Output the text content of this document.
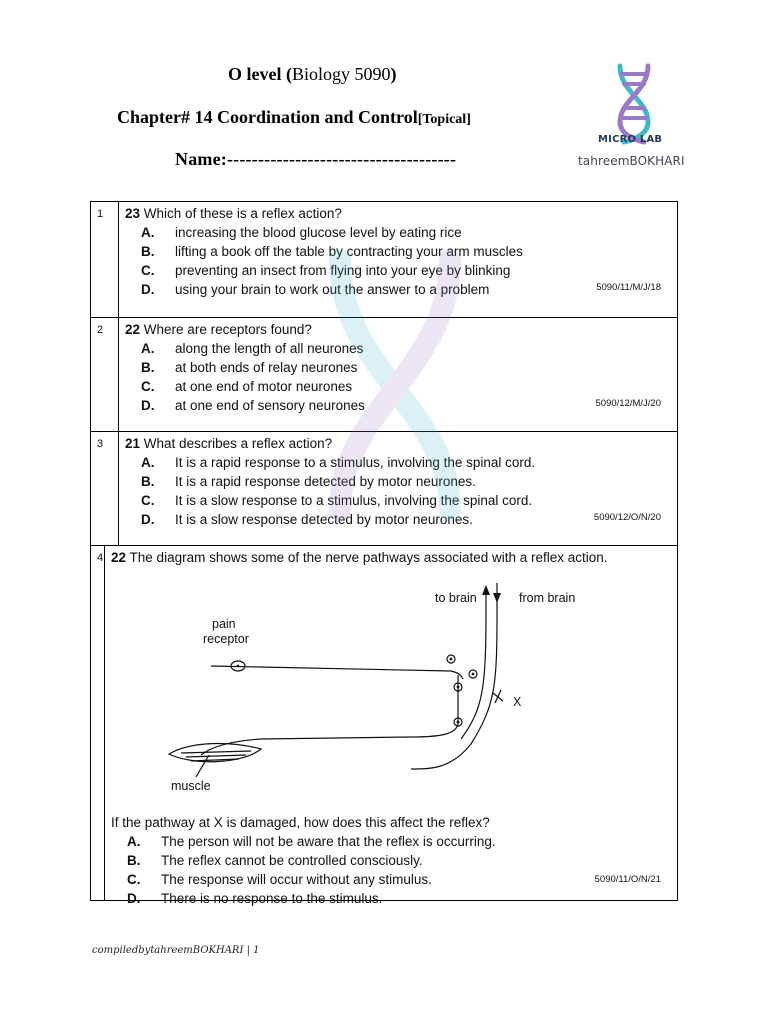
O level (Biology 5090)
Chapter# 14 Coordination and Control[Topical]
Name:-------------------------------------
MICRO LAB
tahreemBOKHARI
1	23 Which of these is a reflex action?
A.	increasing the blood glucose level by eating rice
B.	lifting a book off the table by contracting your arm muscles
C.	preventing an insect from flying into your eye by blinking
D.	using your brain to work out the answer to a problem	5090/11/M/J/18
2	22 Where are receptors found?
A.	along the length of all neurones
B.	at both ends of relay neurones
C.	at one end of motor neurones
D.	at one end of sensory neurones	5090/12/M/J/20
3	21 What describes a reflex action?
A.	It is a rapid response to a stimulus, involving the spinal cord.
B.	It is a rapid response detected by motor neurones.
C.	It is a slow response to a stimulus, involving the spinal cord.
D.	It is a slow response detected by motor neurones.	5090/12/O/N/20
4 22 The diagram shows some of the nerve pathways associated with a reflex action.
to brain	from brain
pain
receptor
X
muscle
If the pathway at X is damaged, how does this affect the reflex?
A.	The person will not be aware that the reflex is occurring.
B.	The reflex cannot be controlled consciously.
C.	The response will occur without any stimulus.
D.	There is no response to the stimulus.
5090/11/O/N/21
compiledbytahreemBOKHARI | 1
